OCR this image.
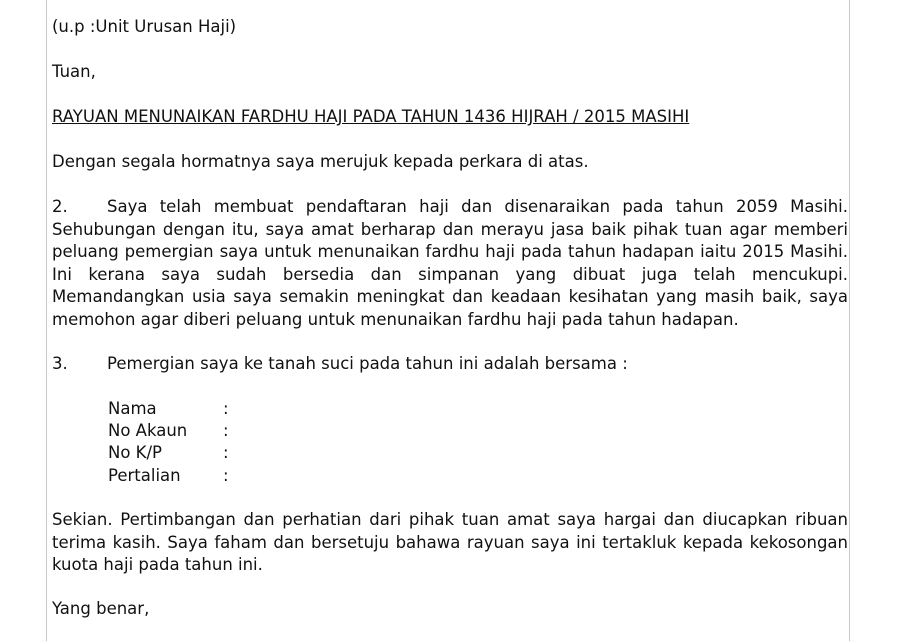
(u.p :Unit Urusan Haji)

Tuan,

RAYUAN MENUNAIKAN FARDHU HAJI PADA TAHUN 1436 HIJRAH / 2015 MASIHI

Dengan segala hormatnya saya merujuk kepada perkara di atas.

2. Saya telah membuat pendaftaran haji dan disenaraikan pada tahun 2059 Masihi. Sehubungan dengan itu, saya amat berharap dan merayu jasa baik pihak tuan agar memberi peluang pemergian saya untuk menunaikan fardhu haji pada tahun hadapan iaitu 2015 Masihi. Ini kerana saya sudah bersedia dan simpanan yang dibuat juga telah mencukupi. Memandangkan usia saya semakin meningkat dan keadaan kesihatan yang masih baik, saya memohon agar diberi peluang untuk menunaikan fardhu haji pada tahun hadapan.

3. Pemergian saya ke tanah suci pada tahun ini adalah bersama :

Nama	:
No Akaun :
No K/P	:
Pertalian	:

Sekian. Pertimbangan dan perhatian dari pihak tuan amat saya hargai dan diucapkan ribuan terima kasih. Saya faham dan bersetuju bahawa rayuan saya ini tertakluk kepada kekosongan kuota haji pada tahun ini.

Yang benar,
